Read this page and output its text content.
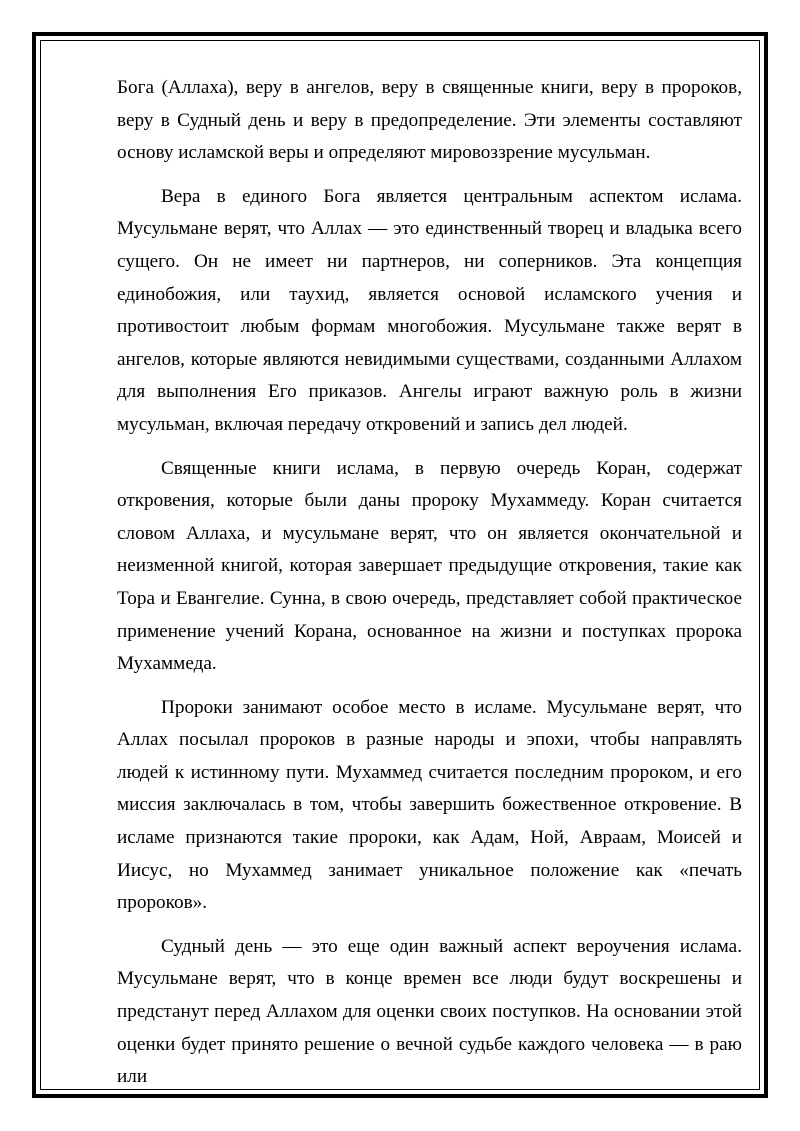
Бога (Аллаха), веру в ангелов, веру в священные книги, веру в пророков, веру в Судный день и веру в предопределение. Эти элементы составляют основу исламской веры и определяют мировоззрение мусульман.

Вера в единого Бога является центральным аспектом ислама. Мусульмане верят, что Аллах — это единственный творец и владыка всего сущего. Он не имеет ни партнеров, ни соперников. Эта концепция единобожия, или таухид, является основой исламского учения и противостоит любым формам многобожия. Мусульмане также верят в ангелов, которые являются невидимыми существами, созданными Аллахом для выполнения Его приказов. Ангелы играют важную роль в жизни мусульман, включая передачу откровений и запись дел людей.

Священные книги ислама, в первую очередь Коран, содержат откровения, которые были даны пророку Мухаммеду. Коран считается словом Аллаха, и мусульмане верят, что он является окончательной и неизменной книгой, которая завершает предыдущие откровения, такие как Тора и Евангелие. Сунна, в свою очередь, представляет собой практическое применение учений Корана, основанное на жизни и поступках пророка Мухаммеда.

Пророки занимают особое место в исламе. Мусульмане верят, что Аллах посылал пророков в разные народы и эпохи, чтобы направлять людей к истинному пути. Мухаммед считается последним пророком, и его миссия заключалась в том, чтобы завершить божественное откровение. В исламе признаются такие пророки, как Адам, Ной, Авраам, Моисей и Иисус, но Мухаммед занимает уникальное положение как «печать пророков».

Судный день — это еще один важный аспект вероучения ислама. Мусульмане верят, что в конце времен все люди будут воскрешены и предстанут перед Аллахом для оценки своих поступков. На основании этой оценки будет принято решение о вечной судьбе каждого человека — в раю или
